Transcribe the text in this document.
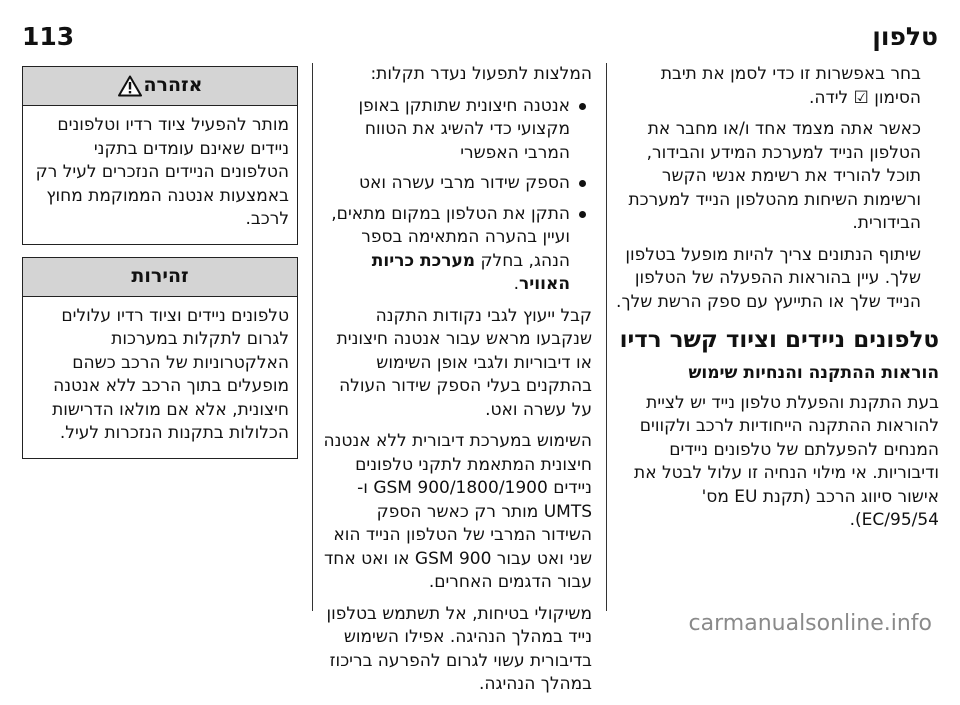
113	טלפון

בחר באפשרות זו כדי לסמן את תיבת הסימון ☑ לידה.

כאשר אתה מצמד אחד ו/או מחבר את הטלפון הנייד למערכת המידע והבידור, תוכל להוריד את רשימת אנשי הקשר ורשימות השיחות מהטלפון הנייד למערכת הבידורית.

שיתוף הנתונים צריך להיות מופעל בטלפון שלך. עיין בהוראות ההפעלה של הטלפון הנייד שלך או התייעץ עם ספק הרשת שלך.

טלפונים ניידים וציוד קשר רדיו
הוראות ההתקנה והנחיות שימוש

בעת התקנת והפעלת טלפון נייד יש לציית להוראות ההתקנה הייחודיות לרכב ולקווים המנחים להפעלתם של טלפונים ניידים ודיבוריות. אי מילוי הנחיה זו עלול לבטל את אישור סיווג הרכב (תקנת EU מס' 95/54/EC).

המלצות לתפעול נעדר תקלות:

אנטנה חיצונית שתותקן באופן מקצועי כדי להשיג את הטווח המרבי האפשרי
הספק שידור מרבי עשרה ואט
התקן את הטלפון במקום מתאים, ועיין בהערה המתאימה בספר הנהג, בחלק מערכת כריות האוויר.

קבל ייעוץ לגבי נקודות התקנה שנקבעו מראש עבור אנטנה חיצונית או דיבוריות ולגבי אופן השימוש בהתקנים בעלי הספק שידור העולה על עשרה ואט.

השימוש במערכת דיבורית ללא אנטנה חיצונית המתאמת לתקני טלפונים ניידים GSM 900/1800/1900 ו-UMTS מותר רק כאשר הספק השידור המרבי של הטלפון הנייד הוא שני ואט עבור GSM 900 או ואט אחד עבור הדגמים האחרים.

משיקולי בטיחות, אל תשתמש בטלפון נייד במהלך הנהיגה. אפילו השימוש בדיבורית עשוי לגרום להפרעה בריכוז במהלך הנהיגה.

אזהרה
מותר להפעיל ציוד רדיו וטלפונים ניידים שאינם עומדים בתקני הטלפונים הניידים הנזכרים לעיל רק באמצעות אנטנה הממוקמת מחוץ לרכב.
זהירות
טלפונים ניידים וציוד רדיו עלולים לגרום לתקלות במערכות האלקטרוניות של הרכב כשהם מופעלים בתוך הרכב ללא אנטנה חיצונית, אלא אם מולאו הדרישות הכלולות בתקנות הנזכרות לעיל.
carmanualsonline.info
